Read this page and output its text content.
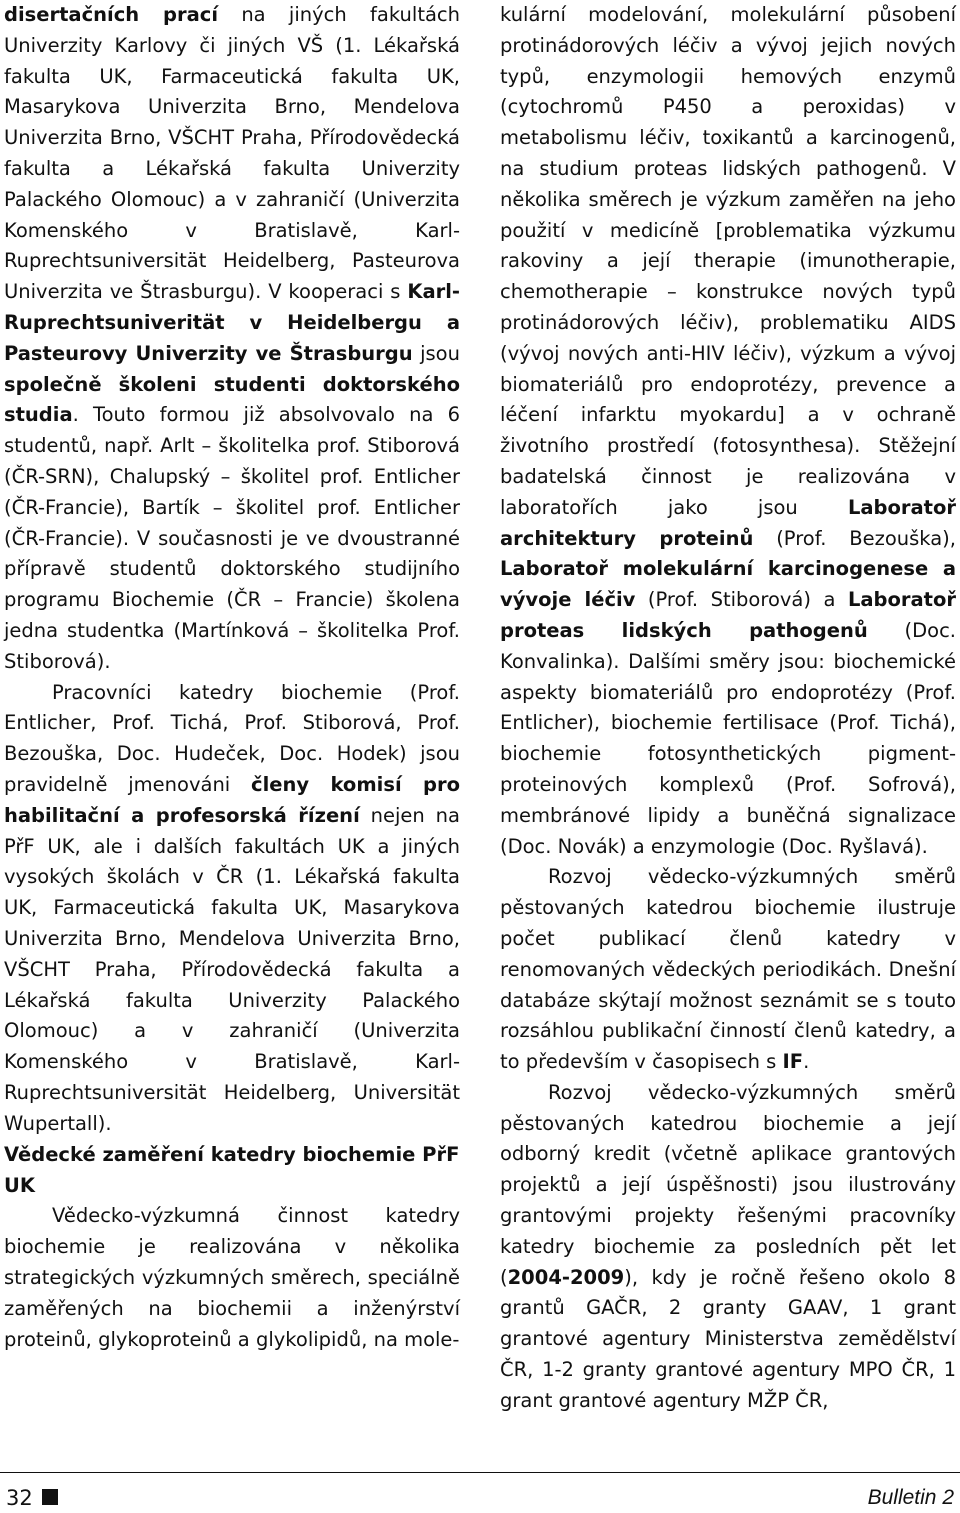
disertačních prací na jiných fakultách Univerzity Karlovy či jiných VŠ (1. Lékařská fakulta UK, Farmaceutická fakulta UK, Masarykova Univerzita Brno, Mendelova Univerzita Brno, VŠCHT Praha, Přírodovědecká fakulta a Lékařská fakulta Univerzity Palackého Olomouc) a v zahraničí (Univerzita Komenského v Bratislavě, Karl-Ruprechtsuniversität Heidelberg, Pasteurova Univerzita ve Štrasburgu). V kooperaci s Karl-Ruprechtsuniverität v Heidelbergu a Pasteurovy Univerzity ve Štrasburgu jsou společně školeni studenti doktorského studia. Touto formou již absolvovalo na 6 studentů, např. Arlt – školitelka prof. Stiborová (ČR-SRN), Chalupský – školitel prof. Entlicher (ČR-Francie), Bartík – školitel prof. Entlicher (ČR-Francie). V současnosti je ve dvoustranné přípravě studentů doktorského studijního programu Biochemie (ČR – Francie) školena jedna studentka (Martínková – školitelka Prof. Stiborová).

Pracovníci katedry biochemie (Prof. Entlicher, Prof. Tichá, Prof. Stiborová, Prof. Bezouška, Doc. Hudeček, Doc. Hodek) jsou pravidelně jmenováni členy komisí pro habilitační a profesorská řízení nejen na PřF UK, ale i dalších fakultách UK a jiných vysokých školách v ČR (1. Lékařská fakulta UK, Farmaceutická fakulta UK, Masarykova Univerzita Brno, Mendelova Univerzita Brno, VŠCHT Praha, Přírodovědecká fakulta a Lékařská fakulta Univerzity Palackého Olomouc) a v zahraničí (Univerzita Komenského v Bratislavě, Karl-Ruprechtsuniversität Heidelberg, Universität Wupertall).

Vědecké zaměření katedry biochemie PřF UK

Vědecko-výzkumná činnost katedry biochemie je realizována v několika strategických výzkumných směrech, speciálně zaměřených na biochemii a inženýrství proteinů, glykoproteinů a glykolipidů, na mole-

kulární modelování, molekulární působení protinádorových léčiv a vývoj jejich nových typů, enzymologii hemových enzymů (cytochromů P450 a peroxidas) v metabolismu léčiv, toxikantů a karcinogenů, na studium proteas lidských pathogenů. V několika směrech je výzkum zaměřen na jeho použití v medicíně [problematika výzkumu rakoviny a její therapie (imunotherapie, chemotherapie – konstrukce nových typů protinádorových léčiv), problematiku AIDS (vývoj nových anti-HIV léčiv), výzkum a vývoj biomateriálů pro endoprotézy, prevence a léčení infarktu myokardu] a v ochraně životního prostředí (fotosynthesa). Stěžejní badatelská činnost je realizována v laboratořích jako jsou Laboratoř architektury proteinů (Prof. Bezouška), Laboratoř molekulární karcinogenese a vývoje léčiv (Prof. Stiborová) a Laboratoř proteas lidských pathogenů (Doc. Konvalinka). Dalšími směry jsou: biochemické aspekty biomateriálů pro endoprotézy (Prof. Entlicher), biochemie fertilisace (Prof. Tichá), biochemie fotosynthetických pigment-proteinových komplexů (Prof. Sofrová), membránové lipidy a buněčná signalizace (Doc. Novák) a enzymologie (Doc. Ryšlavá).

Rozvoj vědecko-výzkumných směrů pěstovaných katedrou biochemie ilustruje počet publikací členů katedry v renomovaných vědeckých periodikách. Dnešní databáze skýtají možnost seznámit se s touto rozsáhlou publikační činností členů katedry, a to především v časopisech s IF.

Rozvoj vědecko-výzkumných směrů pěstovaných katedrou biochemie a její odborný kredit (včetně aplikace grantových projektů a její úspěšnosti) jsou ilustrovány grantovými projekty řešenými pracovníky katedry biochemie za posledních pět let (2004-2009), kdy je ročně řešeno okolo 8 grantů GAČR, 2 granty GAAV, 1 grant grantové agentury Ministerstva zemědělství ČR, 1-2 granty grantové agentury MPO ČR, 1 grant grantové agentury MŽP ČR,

32	Bulletin 2
